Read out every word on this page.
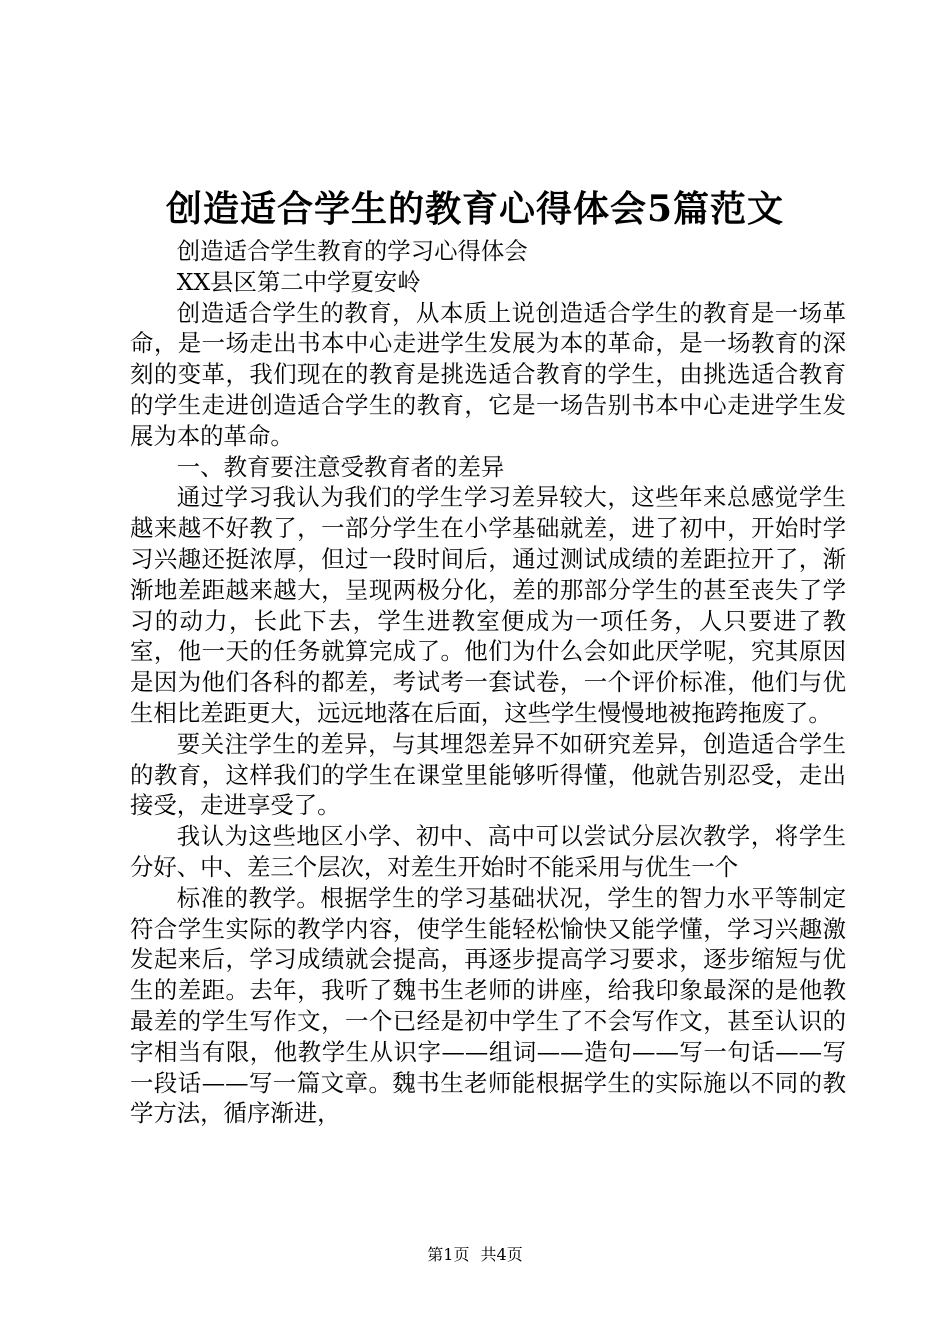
创造适合学生的教育心得体会5篇范文

创造适合学生教育的学习心得体会

XX县区第二中学夏安岭

创造适合学生的教育，从本质上说创造适合学生的教育是一场革命，是一场走出书本中心走进学生发展为本的革命，是一场教育的深刻的变革，我们现在的教育是挑选适合教育的学生，由挑选适合教育的学生走进创造适合学生的教育，它是一场告别书本中心走进学生发展为本的革命。

一、教育要注意受教育者的差异

通过学习我认为我们的学生学习差异较大，这些年来总感觉学生越来越不好教了，一部分学生在小学基础就差，进了初中，开始时学习兴趣还挺浓厚，但过一段时间后，通过测试成绩的差距拉开了，渐渐地差距越来越大，呈现两极分化，差的那部分学生的甚至丧失了学习的动力，长此下去，学生进教室便成为一项任务，人只要进了教室，他一天的任务就算完成了。他们为什么会如此厌学呢，究其原因是因为他们各科的都差，考试考一套试卷，一个评价标准，他们与优生相比差距更大，远远地落在后面，这些学生慢慢地被拖跨拖废了。

要关注学生的差异，与其埋怨差异不如研究差异，创造适合学生的教育，这样我们的学生在课堂里能够听得懂，他就告别忍受，走出接受，走进享受了。

我认为这些地区小学、初中、高中可以尝试分层次教学，将学生分好、中、差三个层次，对差生开始时不能采用与优生一个

标准的教学。根据学生的学习基础状况，学生的智力水平等制定符合学生实际的教学内容，使学生能轻松愉快又能学懂，学习兴趣激发起来后，学习成绩就会提高，再逐步提高学习要求，逐步缩短与优生的差距。去年，我听了魏书生老师的讲座，给我印象最深的是他教最差的学生写作文，一个已经是初中学生了不会写作文，甚至认识的字相当有限，他教学生从识字——组词——造句——写一句话——写一段话——写一篇文章。魏书生老师能根据学生的实际施以不同的教学方法，循序渐进，

第1页 共4页
